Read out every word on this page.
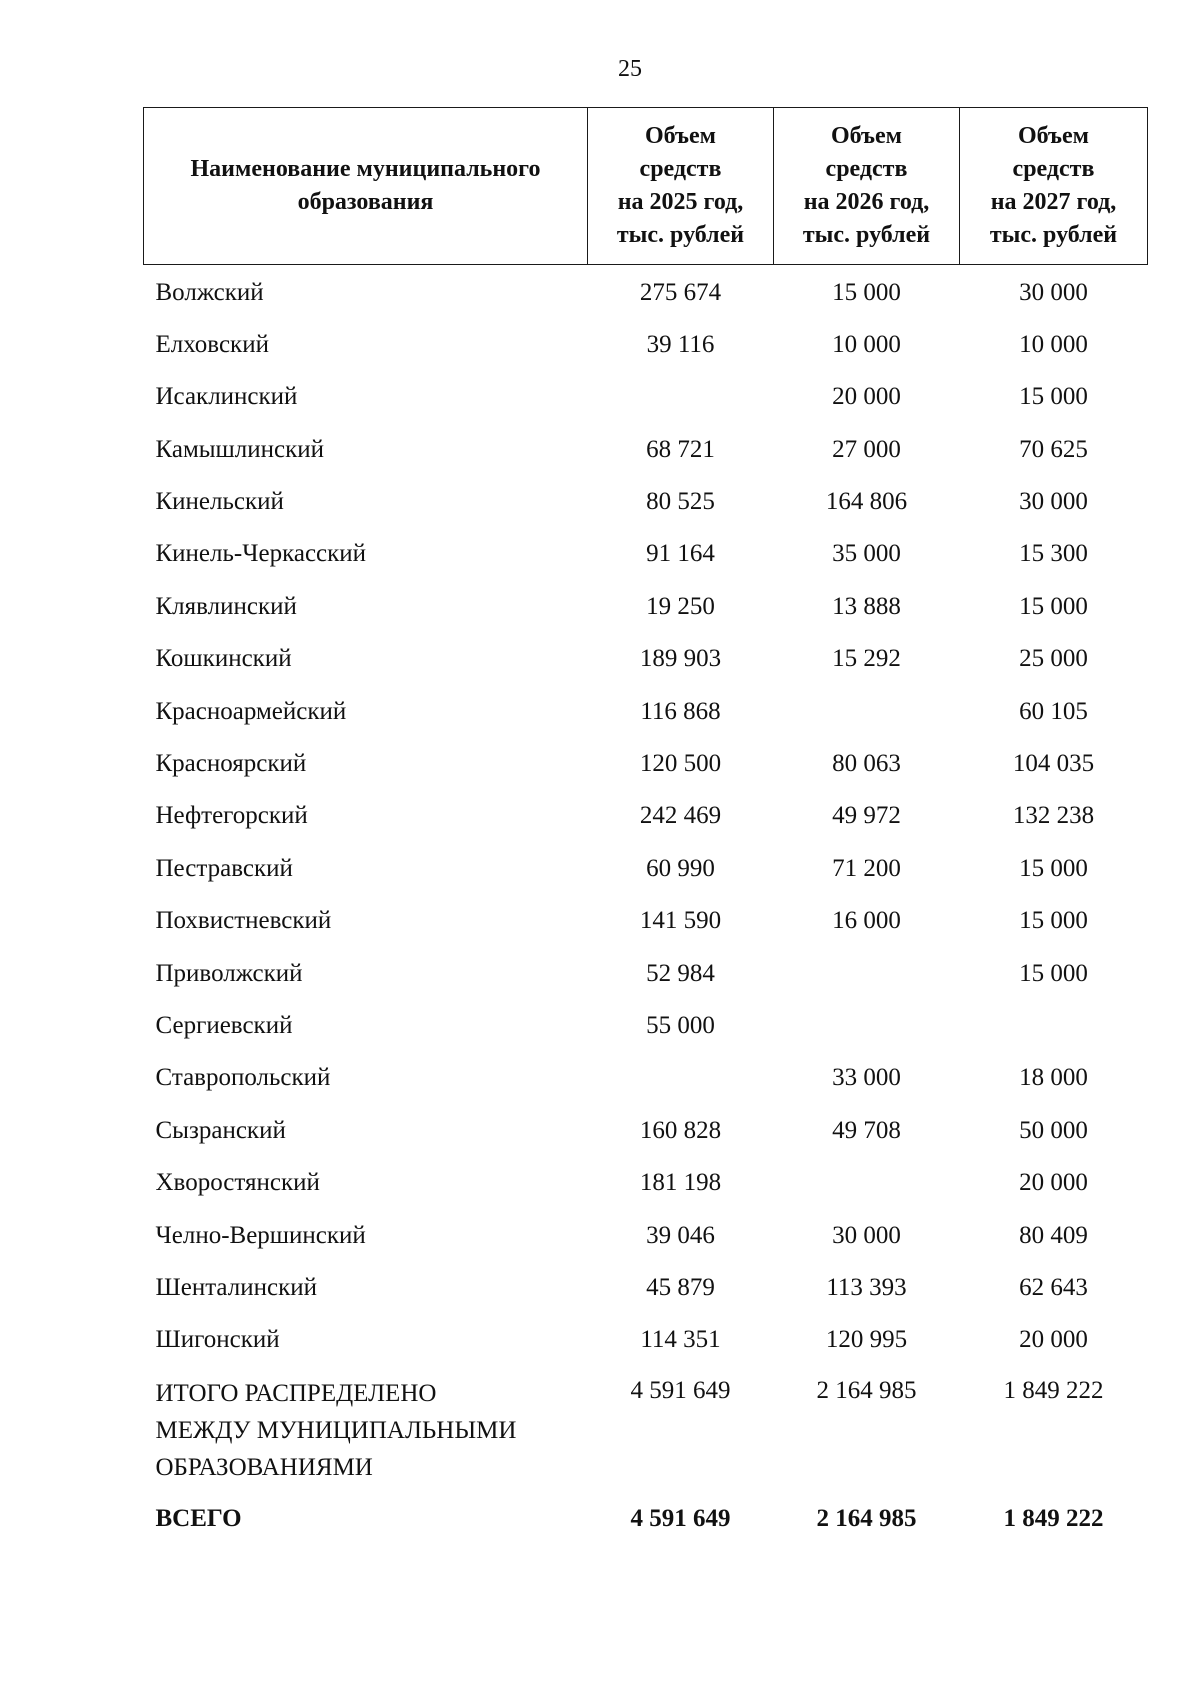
25
Наименование муниципального образования	Объем
средств
на 2025 год,
тыс. рублей	Объем
средств
на 2026 год,
тыс. рублей	Объем
средств
на 2027 год,
тыс. рублей

Волжский	275 674	15 000	30 000
Елховский	39 116	10 000	10 000
Исаклинский		20 000	15 000
Камышлинский	68 721	27 000	70 625
Кинельский	80 525	164 806	30 000
Кинель-Черкасский	91 164	35 000	15 300
Клявлинский	19 250	13 888	15 000
Кошкинский	189 903	15 292	25 000
Красноармейский	116 868		60 105
Красноярский	120 500	80 063	104 035
Нефтегорский	242 469	49 972	132 238
Пестравский	60 990	71 200	15 000
Похвистневский	141 590	16 000	15 000
Приволжский	52 984		15 000
Сергиевский	55 000		
Ставропольский		33 000	18 000
Сызранский	160 828	49 708	50 000
Хворостянский	181 198		20 000
Челно-Вершинский	39 046	30 000	80 409
Шенталинский	45 879	113 393	62 643
Шигонский	114 351	120 995	20 000

ИТОГО РАСПРЕДЕЛЕНО
МЕЖДУ МУНИЦИПАЛЬНЫМИ
ОБРАЗОВАНИЯМИ	4 591 649	2 164 985	1 849 222
ВСЕГО	4 591 649	2 164 985	1 849 222
